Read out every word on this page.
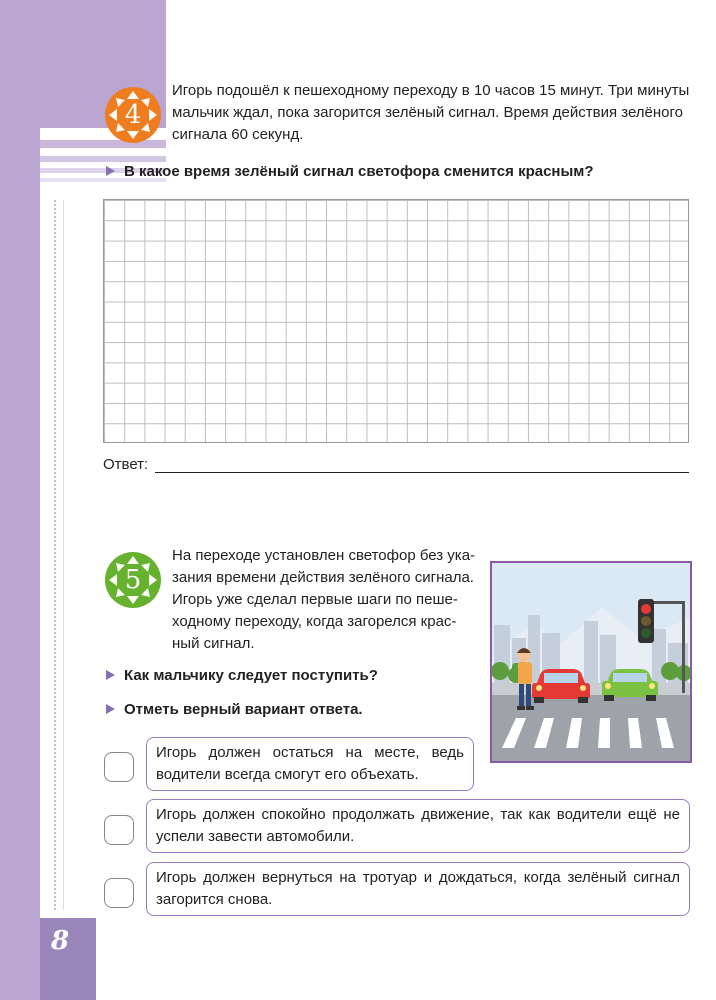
8
4
Игорь подошёл к пешеходному переходу в 10 часов 15 минут. Три минуты
мальчик ждал, пока загорится зелёный сигнал. Время действия зелёного
сигнала 60 секунд.
В какое время зелёный сигнал светофора сменится красным?
Ответ:
5
На переходе установлен светофор без ука-
зания времени действия зелёного сигнала.
Игорь уже сделал первые шаги по пеше-
ходному переходу, когда загорелся крас-
ный сигнал.
Как мальчику следует поступить?
Отметь верный вариант ответа.
Игорь должен остаться на месте, ведь
водители всегда смогут его объехать.
Игорь должен спокойно продолжать движение, так как водители ещё не
успели завести автомобили.
Игорь должен вернуться на тротуар и дождаться, когда зелёный сигнал
загорится снова.
